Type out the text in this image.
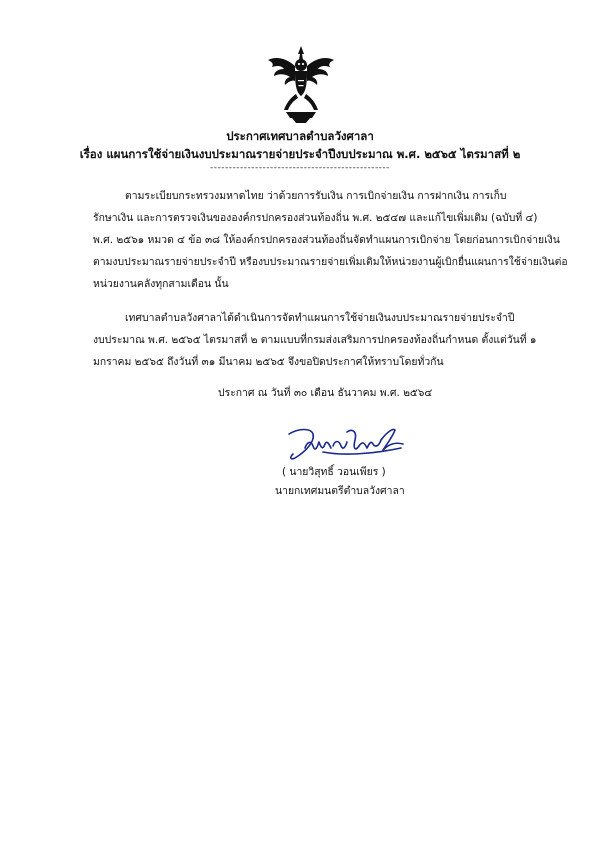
ประกาศเทศบาลตำบลวังศาลา
เรื่อง แผนการใช้จ่ายเงินงบประมาณรายจ่ายประจำปีงบประมาณ พ.ศ. ๒๕๖๕ ไตรมาสที่ ๒
------------------------------------------------
ตามระเบียบกระทรวงมหาดไทย ว่าด้วยการรับเงิน การเบิกจ่ายเงิน การฝากเงิน การเก็บ
รักษาเงิน และการตรวจเงินขององค์กรปกครองส่วนท้องถิ่น พ.ศ. ๒๕๔๗ และแก้ไขเพิ่มเติม (ฉบับที่ ๔)
พ.ศ. ๒๕๖๑ หมวด ๔ ข้อ ๓๘ ให้องค์กรปกครองส่วนท้องถิ่นจัดทำแผนการเบิกจ่าย โดยก่อนการเบิกจ่ายเงิน
ตามงบประมาณรายจ่ายประจำปี หรืองบประมาณรายจ่ายเพิ่มเติมให้หน่วยงานผู้เบิกยื่นแผนการใช้จ่ายเงินต่อ
หน่วยงานคลังทุกสามเดือน นั้น
เทศบาลตำบลวังศาลาได้ดำเนินการจัดทำแผนการใช้จ่ายเงินงบประมาณรายจ่ายประจำปี
งบประมาณ พ.ศ. ๒๕๖๕ ไตรมาสที่ ๒ ตามแบบที่กรมส่งเสริมการปกครองท้องถิ่นกำหนด ตั้งแต่วันที่ ๑
มกราคม ๒๕๖๕ ถึงวันที่ ๓๑ มีนาคม ๒๕๖๕ จึงขอปิดประกาศให้ทราบโดยทั่วกัน
ประกาศ ณ วันที่ ๓๐ เดือน ธันวาคม พ.ศ. ๒๕๖๔
( นายวิสุทธิ์ วอนเพียร )
นายกเทศมนตรีตำบลวังศาลา
